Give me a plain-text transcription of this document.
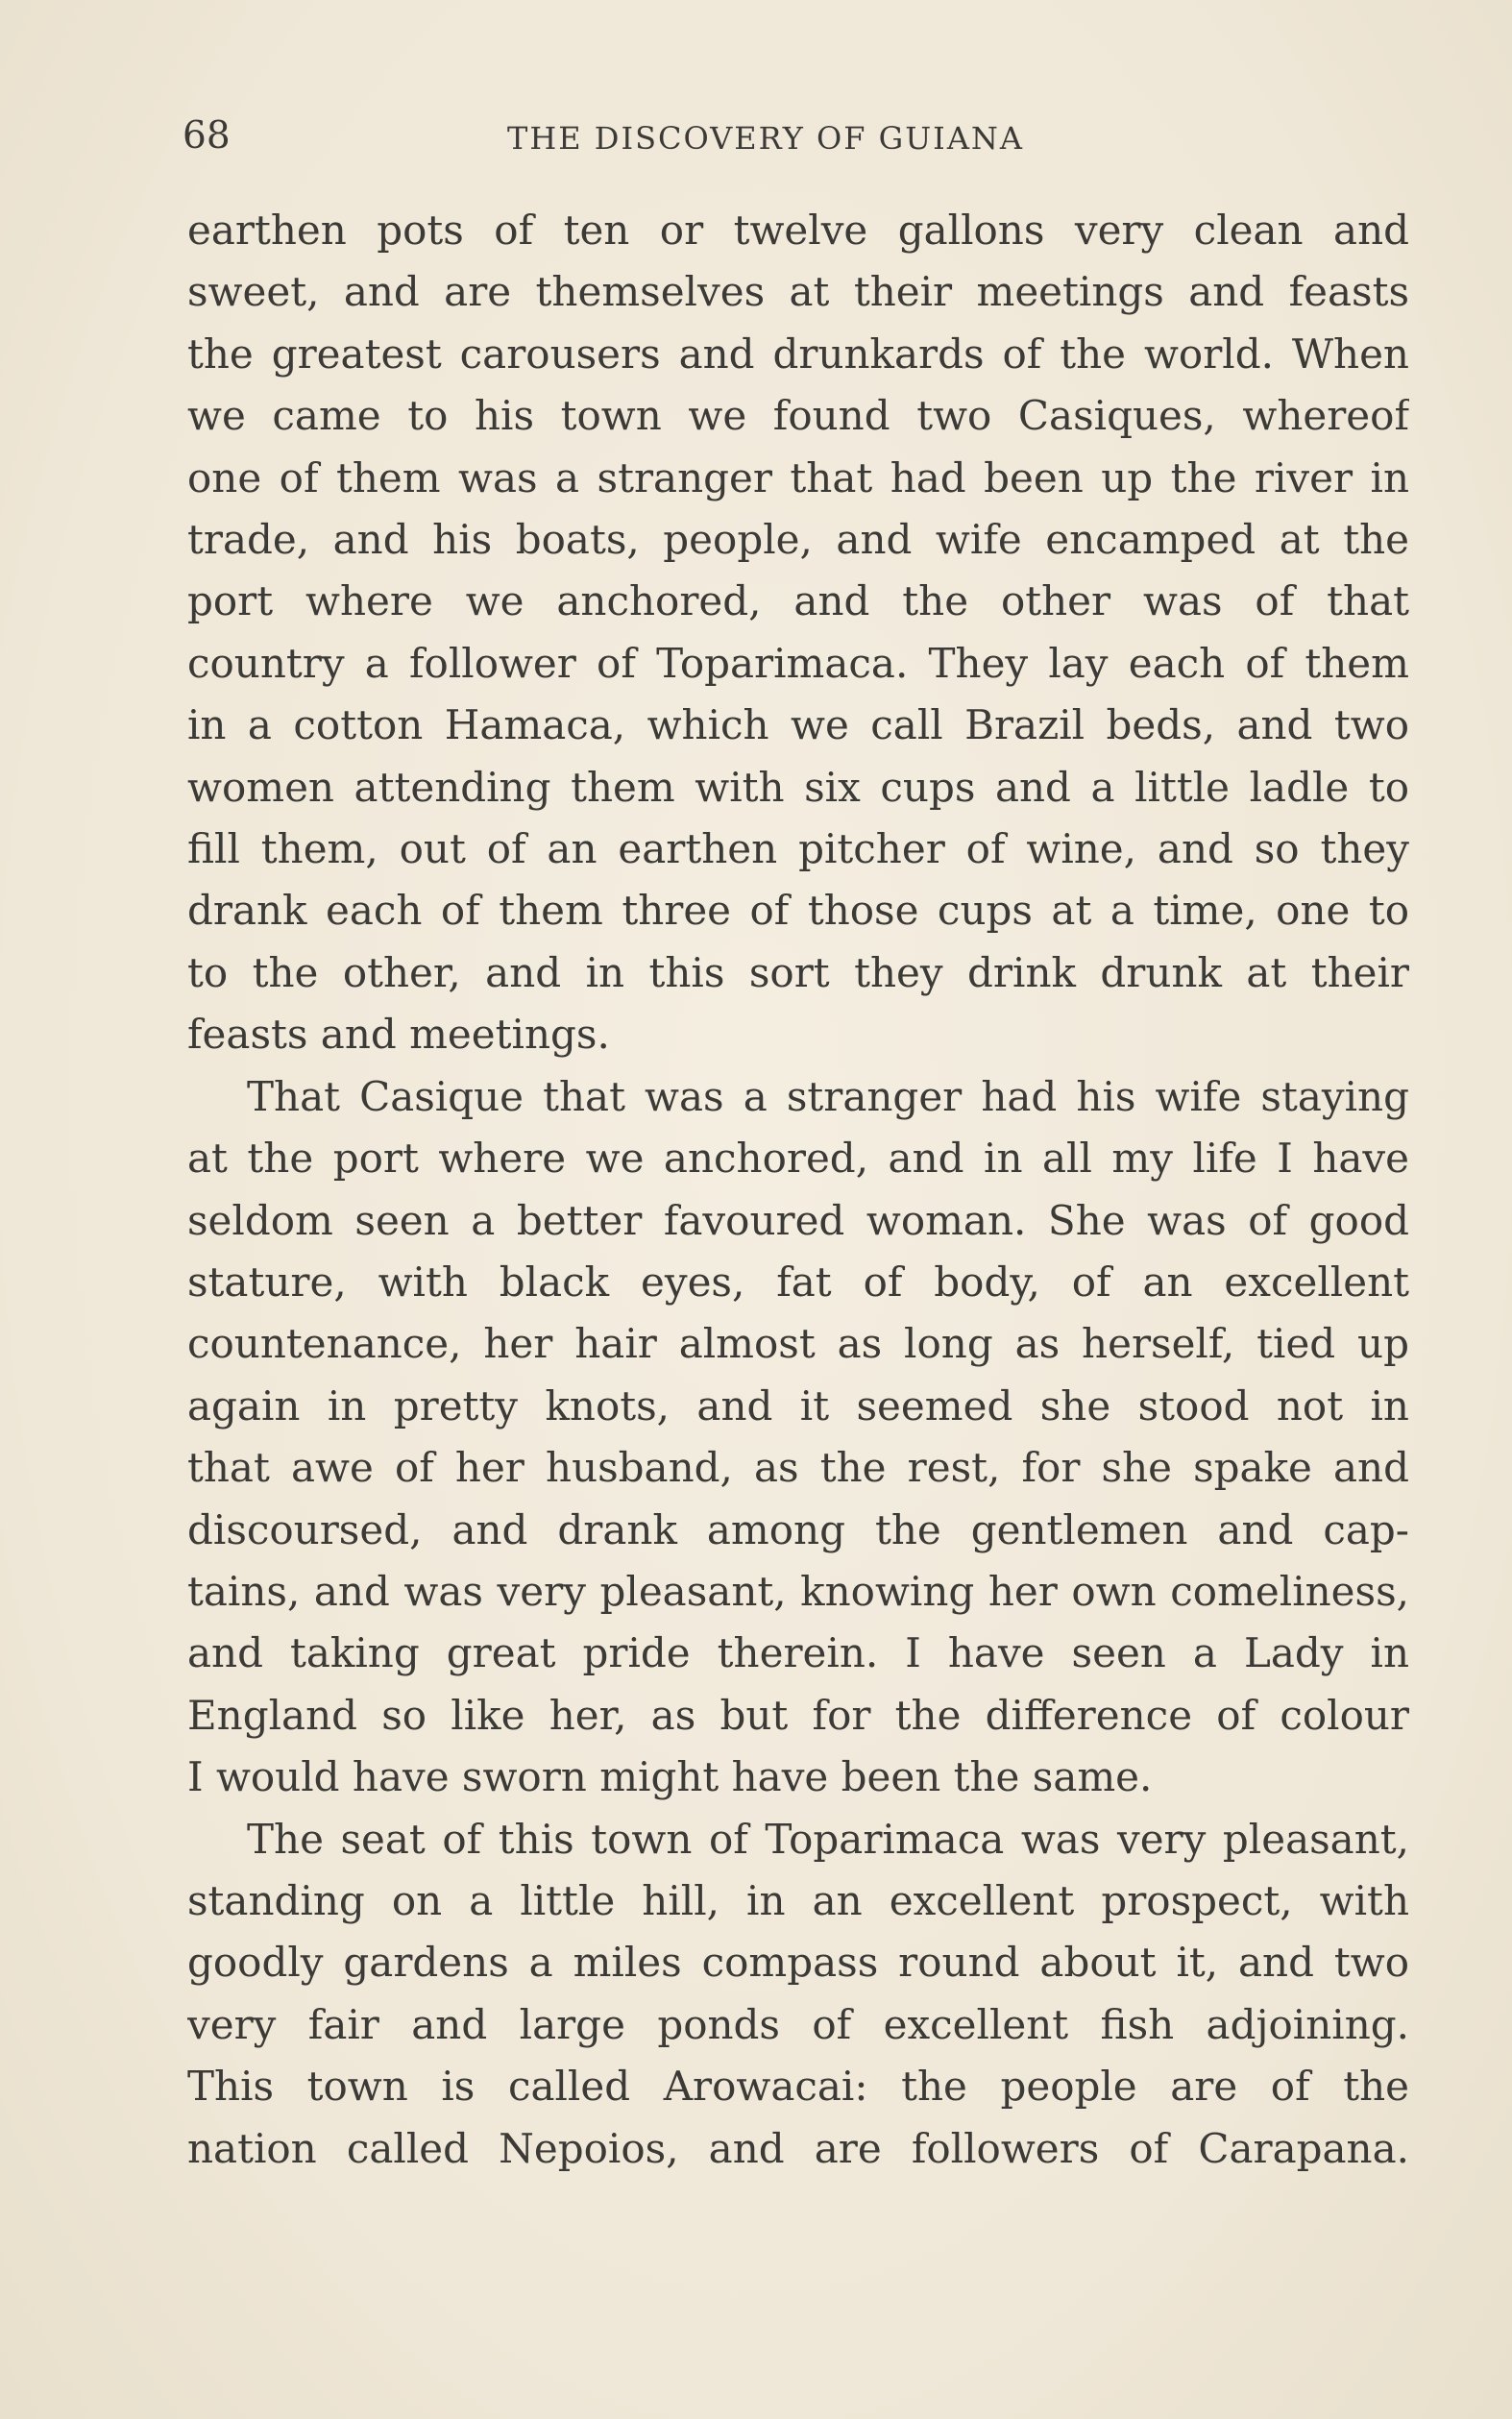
68	THE DISCOVERY OF GUIANA
earthen pots of ten or twelve gallons very clean and
sweet, and are themselves at their meetings and feasts
the greatest carousers and drunkards of the world. When
we came to his town we found two Casiques, whereof
one of them was a stranger that had been up the river in
trade, and his boats, people, and wife encamped at the
port where we anchored, and the other was of that
country a follower of Toparimaca. They lay each of them
in a cotton Hamaca, which we call Brazil beds, and two
women attending them with six cups and a little ladle to
fill them, out of an earthen pitcher of wine, and so they
drank each of them three of those cups at a time, one to
to the other, and in this sort they drink drunk at their
feasts and meetings.
That Casique that was a stranger had his wife staying
at the port where we anchored, and in all my life I have
seldom seen a better favoured woman. She was of good
stature, with black eyes, fat of body, of an excellent
countenance, her hair almost as long as herself, tied up
again in pretty knots, and it seemed she stood not in
that awe of her husband, as the rest, for she spake and
discoursed, and drank among the gentlemen and cap-
tains, and was very pleasant, knowing her own comeliness,
and taking great pride therein. I have seen a Lady in
England so like her, as but for the difference of colour
I would have sworn might have been the same.
The seat of this town of Toparimaca was very pleasant,
standing on a little hill, in an excellent prospect, with
goodly gardens a miles compass round about it, and two
very fair and large ponds of excellent fish adjoining.
This town is called Arowacai: the people are of the
nation called Nepoios, and are followers of Carapana.
